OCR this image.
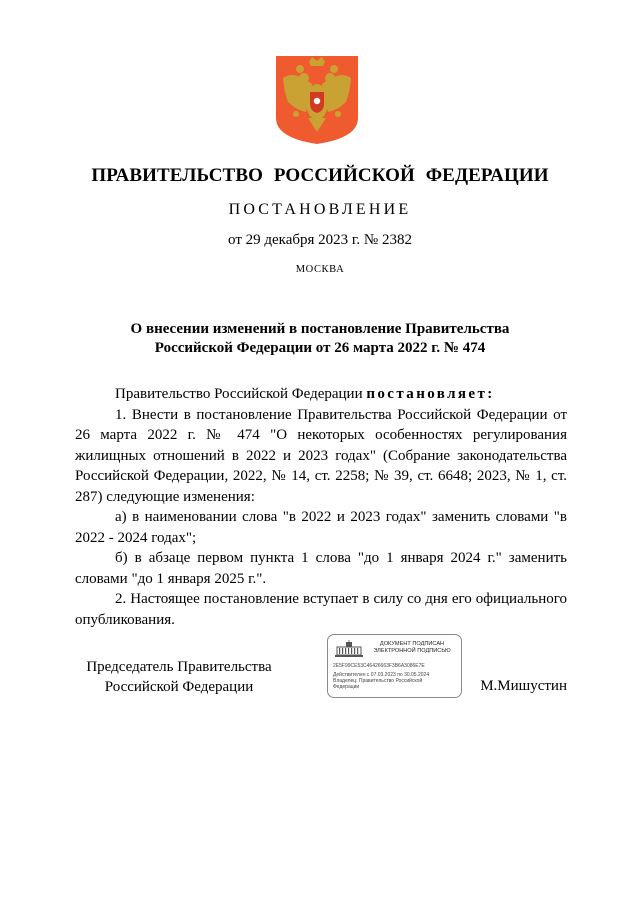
ПРАВИТЕЛЬСТВО РОССИЙСКОЙ ФЕДЕРАЦИИ
ПОСТАНОВЛЕНИЕ
от 29 декабря 2023 г. № 2382
МОСКВА
О внесении изменений в постановление Правительства
Российской Федерации от 26 марта 2022 г. № 474

Правительство Российской Федерации постановляет:

1. Внести в постановление Правительства Российской Федерации от 26 марта 2022 г. № 474 "О некоторых особенностях регулирования жилищных отношений в 2022 и 2023 годах" (Собрание законодательства Российской Федерации, 2022, № 14, ст. 2258; № 39, ст. 6648; 2023, № 1, ст. 287) следующие изменения:

а) в наименовании слова "в 2022 и 2023 годах" заменить словами "в 2022 - 2024 годах";

б) в абзаце первом пункта 1 слова "до 1 января 2024 г." заменить словами "до 1 января 2025 г.".

2. Настоящее постановление вступает в силу со дня его официального опубликования.

Председатель Правительства
Российской Федерации
ДОКУМЕНТ ПОДПИСАН
ЭЛЕКТРОННОЙ ПОДПИСЬЮ
2E5F99CE53C46426663F3B6A3086E7E
Действителен с 07.03.2023 по 30.05.2024
Владелец: Правительство Российской
Федерации	М.Мишустин
